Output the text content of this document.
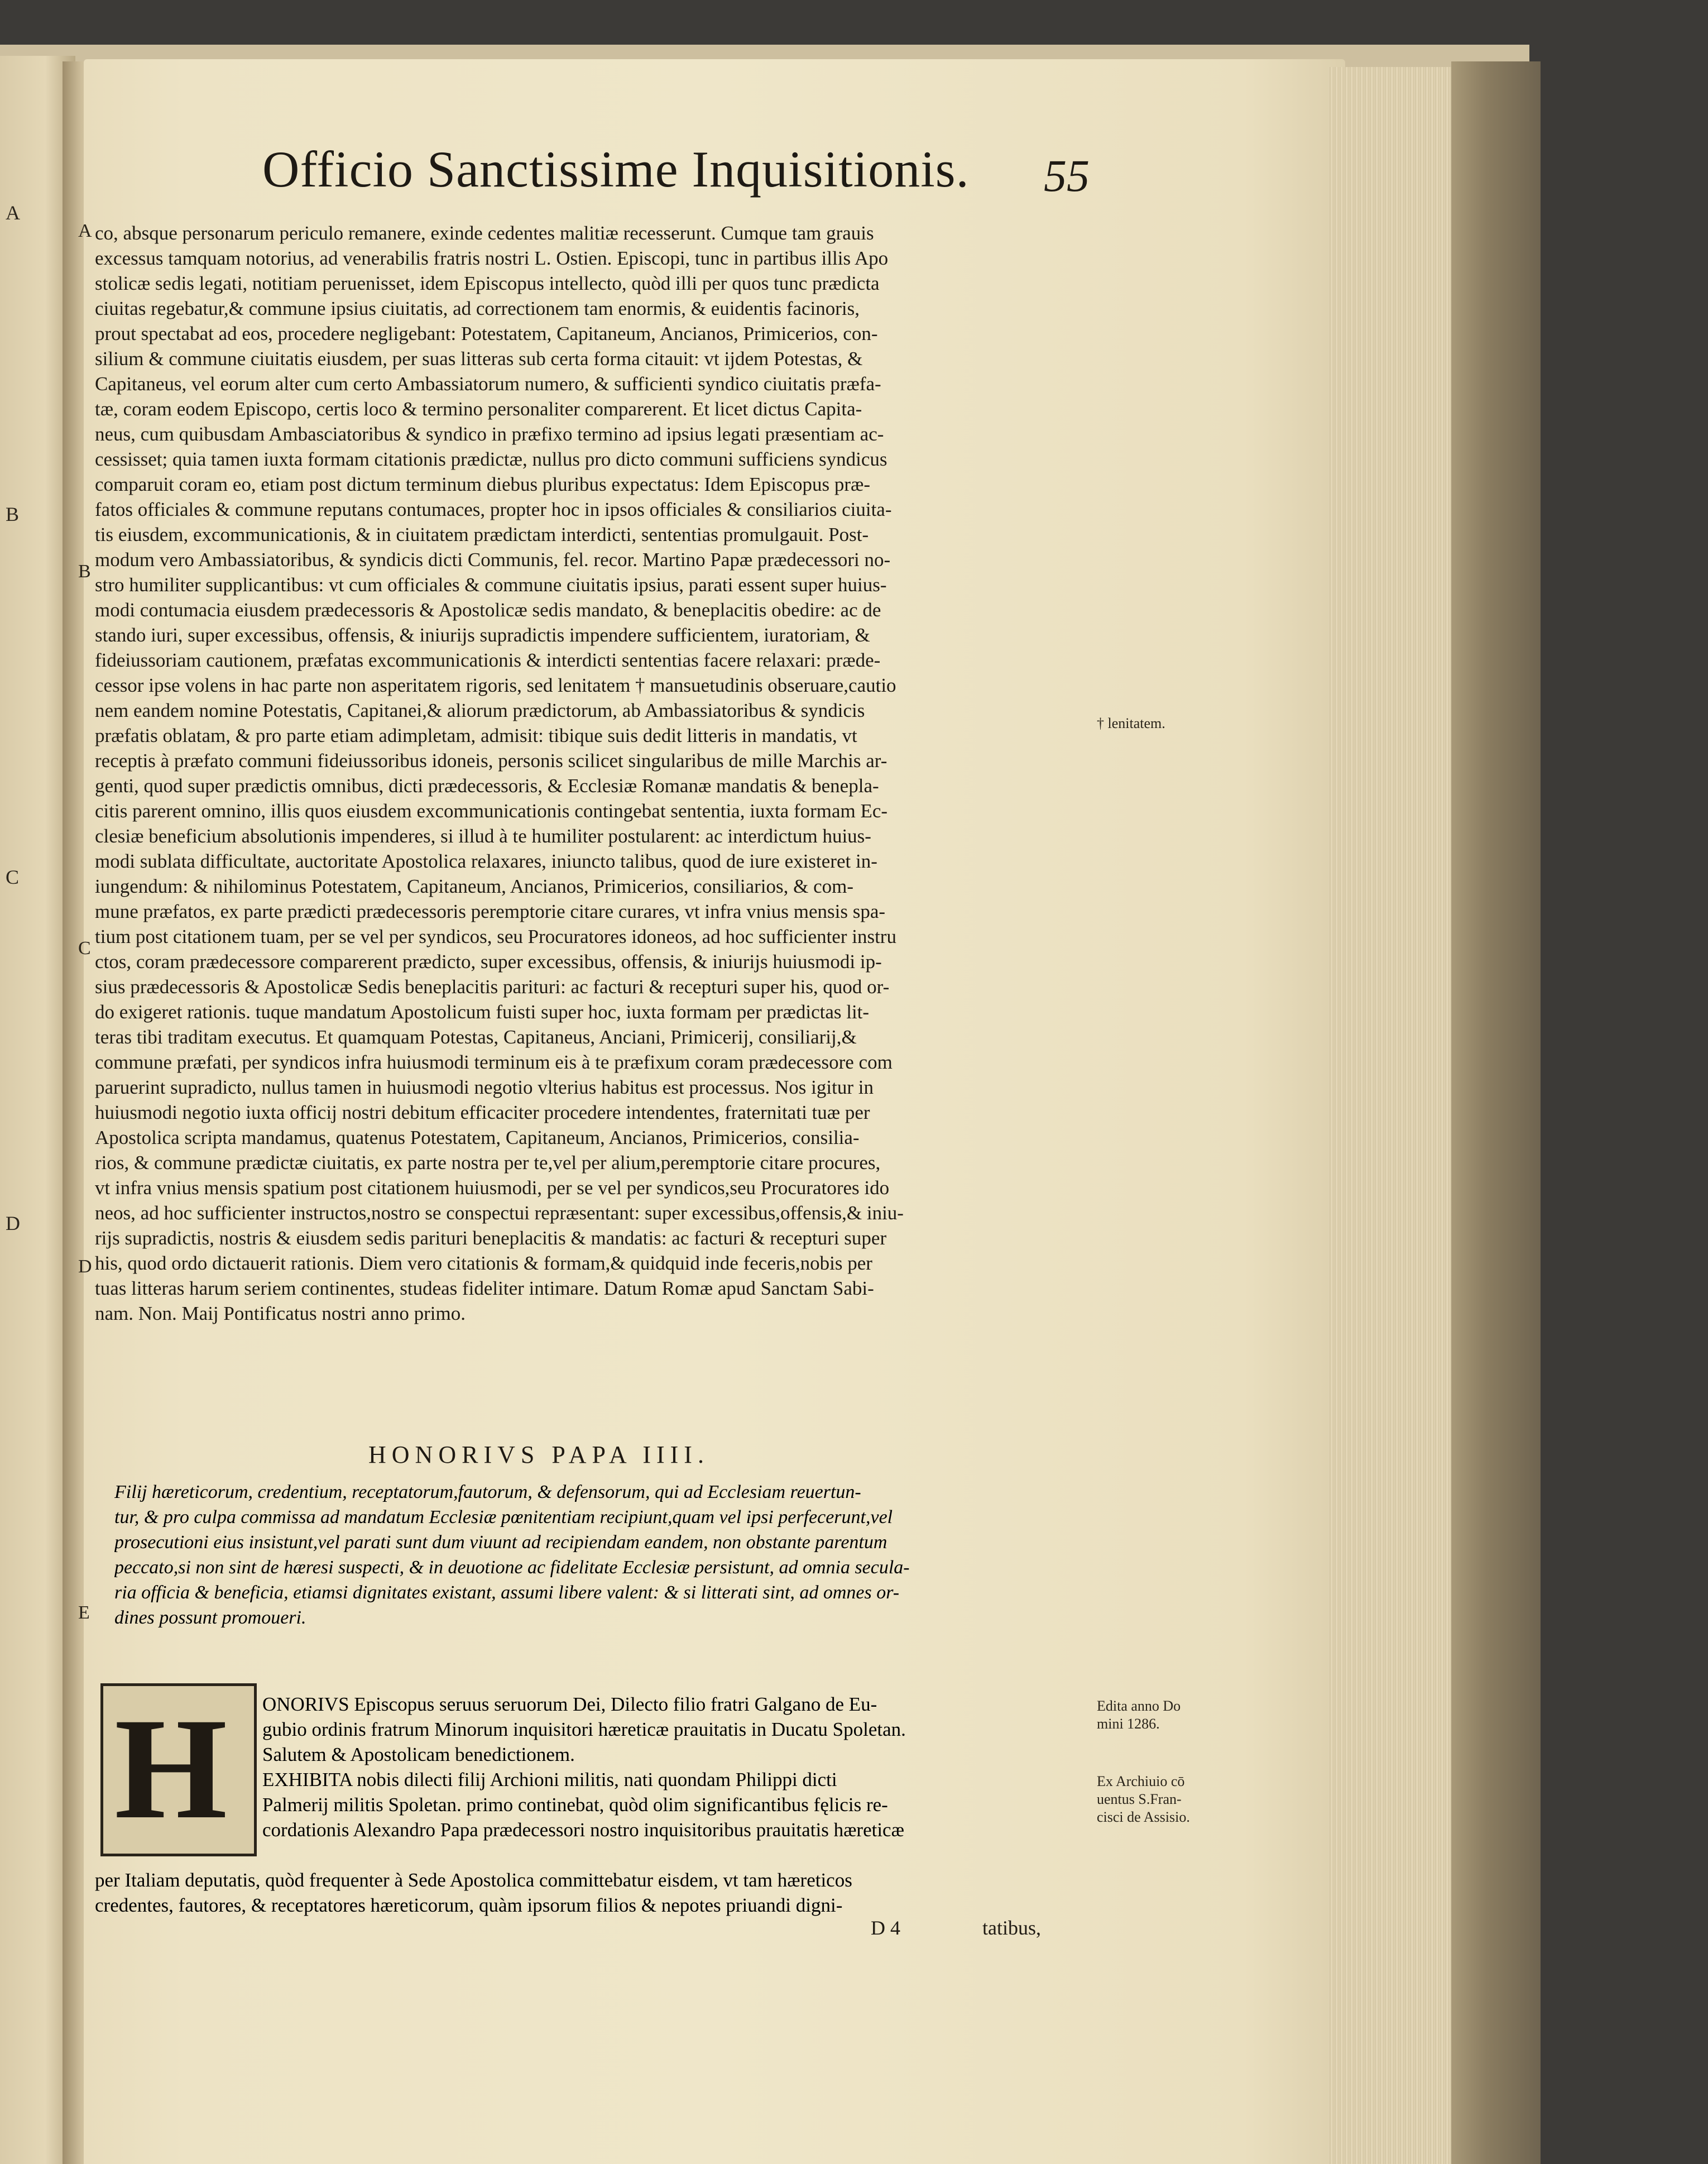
A
B
C
D
Officio Sanctissime Inquisitionis. 55
A
B
C
D
E
co, absque personarum periculo remanere, exinde cedentes malitiæ recesserunt. Cumque tam grauis
excessus tamquam notorius, ad venerabilis fratris nostri L. Ostien. Episcopi, tunc in partibus illis Apo
stolicæ sedis legati, notitiam peruenisset, idem Episcopus intellecto, quòd illi per quos tunc prædicta
ciuitas regebatur,& commune ipsius ciuitatis, ad correctionem tam enormis, & euidentis facinoris,
prout spectabat ad eos, procedere negligebant: Potestatem, Capitaneum, Ancianos, Primicerios, con-
silium & commune ciuitatis eiusdem, per suas litteras sub certa forma citauit: vt ijdem Potestas, &
Capitaneus, vel eorum alter cum certo Ambassiatorum numero, & sufficienti syndico ciuitatis præfa-
tæ, coram eodem Episcopo, certis loco & termino personaliter comparerent. Et licet dictus Capita-
neus, cum quibusdam Ambasciatoribus & syndico in præfixo termino ad ipsius legati præsentiam ac-
cessisset; quia tamen iuxta formam citationis prædictæ, nullus pro dicto communi sufficiens syndicus
comparuit coram eo, etiam post dictum terminum diebus pluribus expectatus: Idem Episcopus præ-
fatos officiales & commune reputans contumaces, propter hoc in ipsos officiales & consiliarios ciuita-
tis eiusdem, excommunicationis, & in ciuitatem prædictam interdicti, sententias promulgauit. Post-
modum vero Ambassiatoribus, & syndicis dicti Communis, fel. recor. Martino Papæ prædecessori no-
stro humiliter supplicantibus: vt cum officiales & commune ciuitatis ipsius, parati essent super huius-
modi contumacia eiusdem prædecessoris & Apostolicæ sedis mandato, & beneplacitis obedire: ac de
stando iuri, super excessibus, offensis, & iniurijs supradictis impendere sufficientem, iuratoriam, &
fideiussoriam cautionem, præfatas excommunicationis & interdicti sententias facere relaxari: præde-
cessor ipse volens in hac parte non asperitatem rigoris, sed lenitatem † mansuetudinis obseruare,cautio
nem eandem nomine Potestatis, Capitanei,& aliorum prædictorum, ab Ambassiatoribus & syndicis
præfatis oblatam, & pro parte etiam adimpletam, admisit: tibique suis dedit litteris in mandatis, vt
receptis à præfato communi fideiussoribus idoneis, personis scilicet singularibus de mille Marchis ar-
genti, quod super prædictis omnibus, dicti prædecessoris, & Ecclesiæ Romanæ mandatis & benepla-
citis parerent omnino, illis quos eiusdem excommunicationis contingebat sententia, iuxta formam Ec-
clesiæ beneficium absolutionis impenderes, si illud à te humiliter postularent: ac interdictum huius-
modi sublata difficultate, auctoritate Apostolica relaxares, iniuncto talibus, quod de iure existeret in-
iungendum: & nihilominus Potestatem, Capitaneum, Ancianos, Primicerios, consiliarios, & com-
mune præfatos, ex parte prædicti prædecessoris peremptorie citare curares, vt infra vnius mensis spa-
tium post citationem tuam, per se vel per syndicos, seu Procuratores idoneos, ad hoc sufficienter instru
ctos, coram prædecessore comparerent prædicto, super excessibus, offensis, & iniurijs huiusmodi ip-
sius prædecessoris & Apostolicæ Sedis beneplacitis pariturі: ac facturi & recepturi super his, quod or-
do exigeret rationis. tuque mandatum Apostolicum fuisti super hoc, iuxta formam per prædictas lit-
teras tibi traditam executus. Et quamquam Potestas, Capitaneus, Anciani, Primicerij, consiliarij,&
commune præfati, per syndicos infra huiusmodi terminum eis à te præfixum coram prædecessore com
paruerint supradicto, nullus tamen in huiusmodi negotio vlterius habitus est processus. Nos igitur in
huiusmodi negotio iuxta officij nostri debitum efficaciter procedere intendentes, fraternitati tuæ per
Apostolica scripta mandamus, quatenus Potestatem, Capitaneum, Ancianos, Primicerios, consilia-
rios, & commune prædictæ ciuitatis, ex parte nostra per te,vel per alium,peremptorie citare procures,
vt infra vnius mensis spatium post citationem huiusmodi, per se vel per syndicos,seu Procuratores ido
neos, ad hoc sufficienter instructos,nostro se conspectui repræsentant: super excessibus,offensis,& iniu-
rijs supradictis, nostris & eiusdem sedis pariturі beneplacitis & mandatis: ac facturi & recepturi super
his, quod ordo dictauerit rationis. Diem vero citationis & formam,& quidquid inde feceris,nobis per
tuas litteras harum seriem continentes, studeas fideliter intimare. Datum Romæ apud Sanctam Sabi-
nam. Non. Maij Pontificatus nostri anno primo.
† lenitatem.
HONORIVS PAPA IIII.
Filij hæreticorum, credentium, receptatorum,fautorum, & defensorum, qui ad Ecclesiam reuertun-
tur, & pro culpa commissa ad mandatum Ecclesiæ pœnitentiam recipiunt,quam vel ipsi perfecerunt,vel
prosecutioni eius insistunt,vel parati sunt dum viuunt ad recipiendam eandem, non obstante parentum
peccato,si non sint de hæresi suspecti, & in deuotione ac fidelitate Ecclesiæ persistunt, ad omnia secula-
ria officia & beneficia, etiamsi dignitates existant, assumi libere valent: & si litterati sint, ad omnes or-
dines possunt promoueri.
H ONORIVS Episcopus seruus seruorum Dei, Dilecto filio fratri Galgano de Eu-
gubio ordinis fratrum Minorum inquisitori hæreticæ prauitatis in Ducatu Spoletan.
Salutem & Apostolicam benedictionem.
EXHIBITA nobis dilecti filij Archioni militis, nati quondam Philippi dicti
Palmerij militis Spoletan. primo continebat, quòd olim significantibus fęlicis re-
cordationis Alexandro Papa prædecessori nostro inquisitoribus prauitatis hæreticæ
per Italiam deputatis, quòd frequenter à Sede Apostolica committebatur eisdem, vt tam hæreticos
credentes, fautores, & receptatores hæreticorum, quàm ipsorum filios & nepotes priuandi digni-
Edita anno Do
mini 1286.
Ex Archiuio cō
uentus S.Fran-
cisci de Assisio.
D 4	tatibus,
